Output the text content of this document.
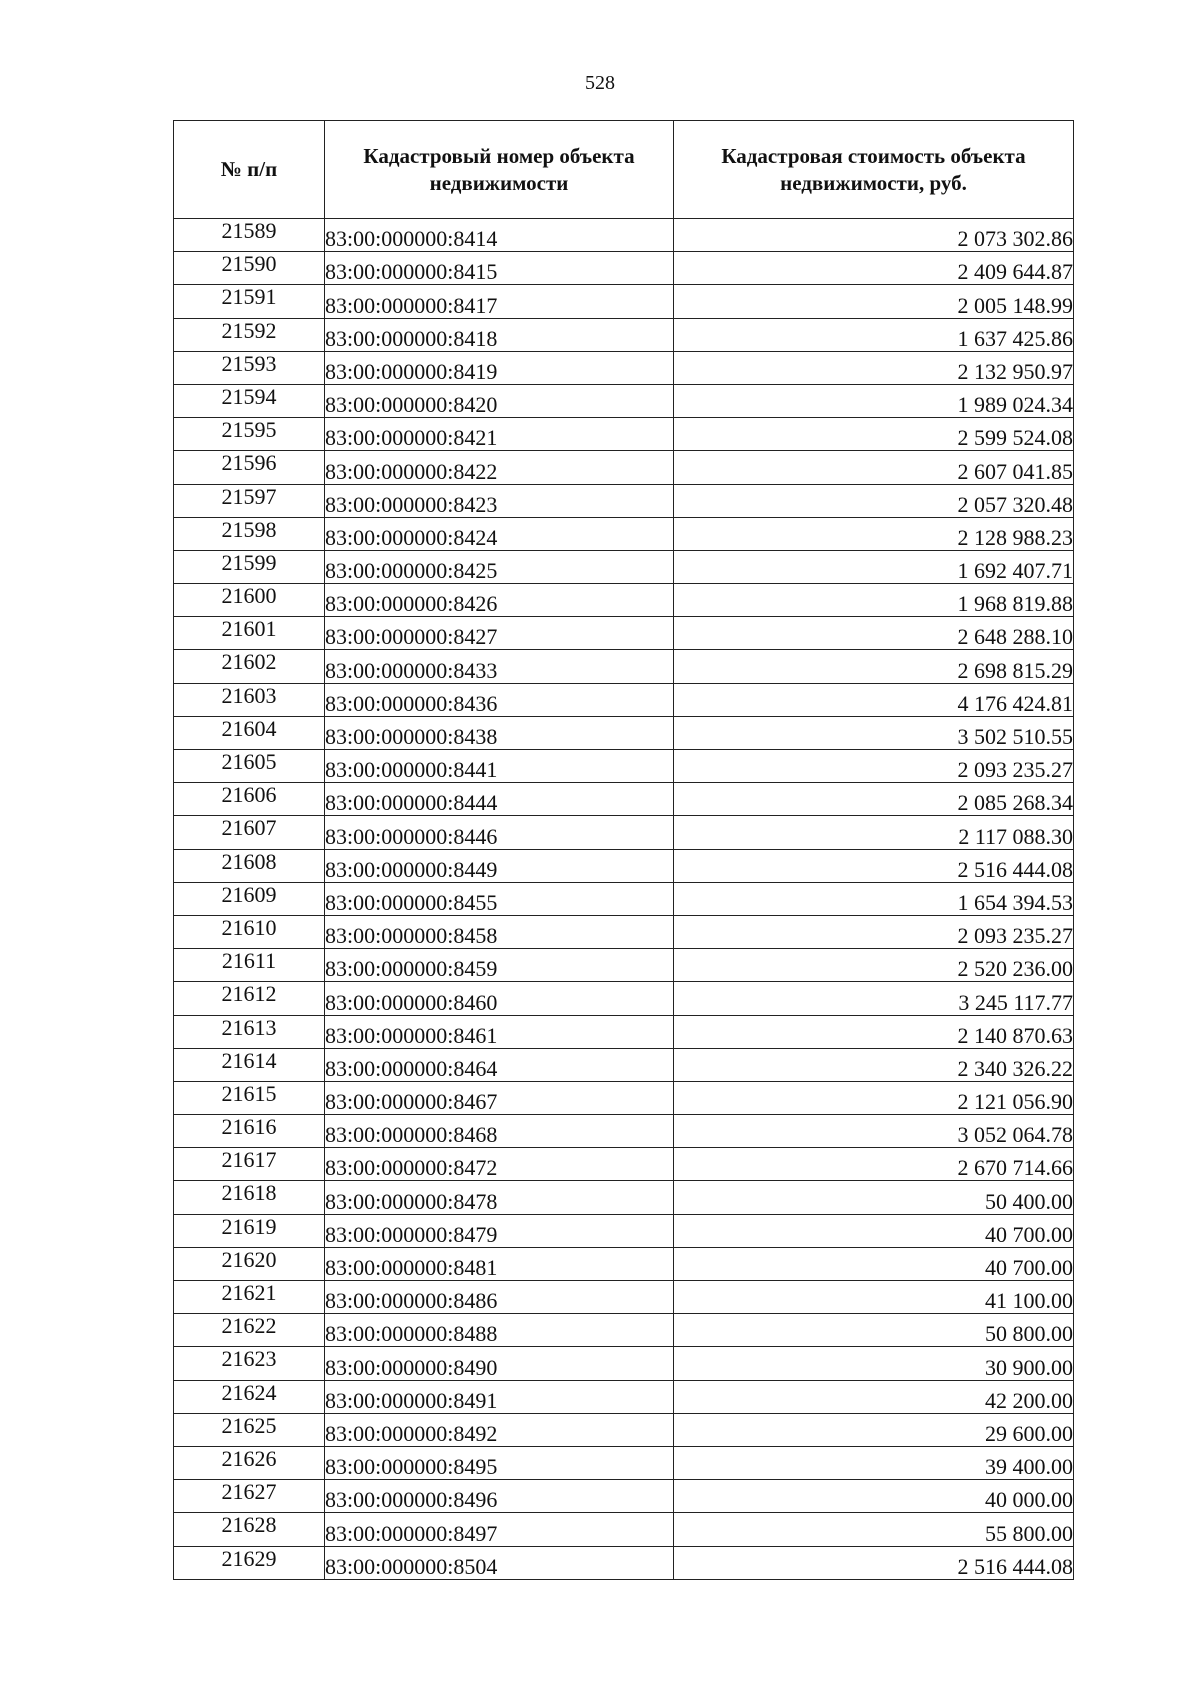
528
№ п/п	Кадастровый номер объекта недвижимости	Кадастровая стоимость объекта недвижимости, руб.
21589	83:00:000000:8414	2 073 302.86
21590	83:00:000000:8415	2 409 644.87
21591	83:00:000000:8417	2 005 148.99
21592	83:00:000000:8418	1 637 425.86
21593	83:00:000000:8419	2 132 950.97
21594	83:00:000000:8420	1 989 024.34
21595	83:00:000000:8421	2 599 524.08
21596	83:00:000000:8422	2 607 041.85
21597	83:00:000000:8423	2 057 320.48
21598	83:00:000000:8424	2 128 988.23
21599	83:00:000000:8425	1 692 407.71
21600	83:00:000000:8426	1 968 819.88
21601	83:00:000000:8427	2 648 288.10
21602	83:00:000000:8433	2 698 815.29
21603	83:00:000000:8436	4 176 424.81
21604	83:00:000000:8438	3 502 510.55
21605	83:00:000000:8441	2 093 235.27
21606	83:00:000000:8444	2 085 268.34
21607	83:00:000000:8446	2 117 088.30
21608	83:00:000000:8449	2 516 444.08
21609	83:00:000000:8455	1 654 394.53
21610	83:00:000000:8458	2 093 235.27
21611	83:00:000000:8459	2 520 236.00
21612	83:00:000000:8460	3 245 117.77
21613	83:00:000000:8461	2 140 870.63
21614	83:00:000000:8464	2 340 326.22
21615	83:00:000000:8467	2 121 056.90
21616	83:00:000000:8468	3 052 064.78
21617	83:00:000000:8472	2 670 714.66
21618	83:00:000000:8478	50 400.00
21619	83:00:000000:8479	40 700.00
21620	83:00:000000:8481	40 700.00
21621	83:00:000000:8486	41 100.00
21622	83:00:000000:8488	50 800.00
21623	83:00:000000:8490	30 900.00
21624	83:00:000000:8491	42 200.00
21625	83:00:000000:8492	29 600.00
21626	83:00:000000:8495	39 400.00
21627	83:00:000000:8496	40 000.00
21628	83:00:000000:8497	55 800.00
21629	83:00:000000:8504	2 516 444.08
